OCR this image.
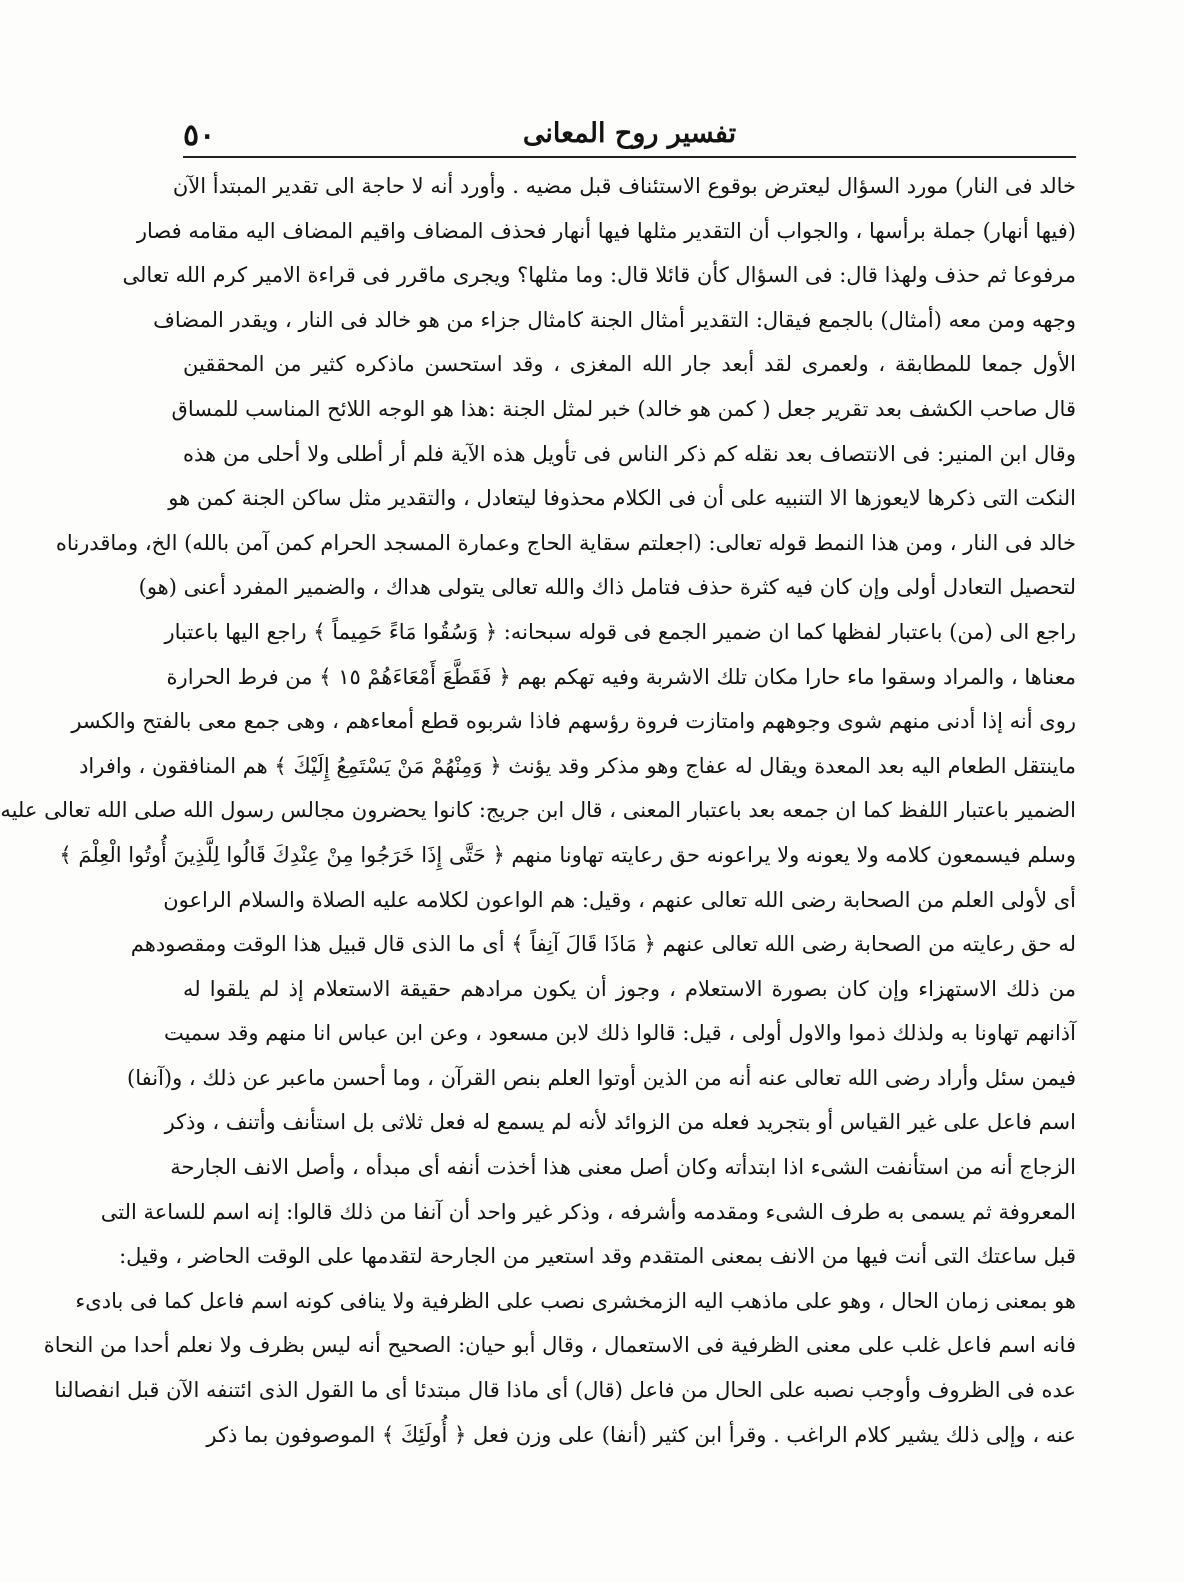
٥٠	تفسير روح المعانى
خالد فى النار) مورد السؤال ليعترض بوقوع الاستئناف قبل مضيه . وأورد أنه لا حاجة الى تقدير المبتدأ الآن
(فيها أنهار) جملة برأسها ، والجواب أن التقدير مثلها فيها أنهار فحذف المضاف واقيم المضاف اليه مقامه فصار
مرفوعا ثم حذف ولهذا قال: فى السؤال كأن قائلا قال: وما مثلها؟ ويجرى ماقرر فى قراءة الامير كرم الله تعالى
وجهه ومن معه (أمثال) بالجمع فيقال: التقدير أمثال الجنة كامثال جزاء من هو خالد فى النار ، ويقدر المضاف
الأول جمعا للمطابقة ، ولعمرى لقد أبعد جار الله المغزى ، وقد استحسن ماذكره كثير من المحققين
قال صاحب الكشف بعد تقرير جعل ( كمن هو خالد) خبر لمثل الجنة :هذا هو الوجه اللائح المناسب للمساق
وقال ابن المنير: فى الانتصاف بعد نقله كم ذكر الناس فى تأويل هذه الآية فلم أر أطلى ولا أحلى من هذه
النكت التى ذكرها لايعوزها الا التنبيه على أن فى الكلام محذوفا ليتعادل ، والتقدير مثل ساكن الجنة كمن هو
خالد فى النار ، ومن هذا النمط قوله تعالى: (اجعلتم سقاية الحاج وعمارة المسجد الحرام كمن آمن بالله) الخ، وماقدرناه
لتحصيل التعادل أولى وإن كان فيه كثرة حذف فتامل ذاك والله تعالى يتولى هداك ، والضمير المفرد أعنى (هو)
راجع الى (من) باعتبار لفظها كما ان ضمير الجمع فى قوله سبحانه: ﴿ وَسُقُوا مَاءً حَمِيماً ﴾ راجع اليها باعتبار
معناها ، والمراد وسقوا ماء حارا مكان تلك الاشربة وفيه تهكم بهم ﴿ فَقَطَّعَ أَمْعَاءَهُمْ ١٥ ﴾ من فرط الحرارة
روى أنه إذا أدنى منهم شوى وجوههم وامتازت فروة رؤسهم فاذا شربوه قطع أمعاءهم ، وهى جمع معى بالفتح والكسر
ماينتقل الطعام اليه بعد المعدة ويقال له عفاج وهو مذكر وقد يؤنث ﴿ وَمِنْهُمْ مَنْ يَسْتَمِعُ إِلَيْكَ ﴾ هم المنافقون ، وافراد
الضمير باعتبار اللفظ كما ان جمعه بعد باعتبار المعنى ، قال ابن جريج: كانوا يحضرون مجالس رسول الله صلى الله تعالى عليه
وسلم فيسمعون كلامه ولا يعونه ولا يراعونه حق رعايته تهاونا منهم ﴿ حَتَّى إِذَا خَرَجُوا مِنْ عِنْدِكَ قَالُوا لِلَّذِينَ أُوتُوا الْعِلْمَ ﴾
أى لأولى العلم من الصحابة رضى الله تعالى عنهم ، وقيل: هم الواعون لكلامه عليه الصلاة والسلام الراعون
له حق رعايته من الصحابة رضى الله تعالى عنهم ﴿ مَاذَا قَالَ آنِفاً ﴾ أى ما الذى قال قبيل هذا الوقت ومقصودهم
من ذلك الاستهزاء وإن كان بصورة الاستعلام ، وجوز أن يكون مرادهم حقيقة الاستعلام إذ لم يلقوا له
آذانهم تهاونا به ولذلك ذموا والاول أولى ، قيل: قالوا ذلك لابن مسعود ، وعن ابن عباس انا منهم وقد سميت
فيمن سئل وأراد رضى الله تعالى عنه أنه من الذين أوتوا العلم بنص القرآن ، وما أحسن ماعبر عن ذلك ، و(آنفا)
اسم فاعل على غير القياس أو بتجريد فعله من الزوائد لأنه لم يسمع له فعل ثلاثى بل استأنف وأتنف ، وذكر
الزجاج أنه من استأنفت الشىء اذا ابتدأته وكان أصل معنى هذا أخذت أنفه أى مبدأه ، وأصل الانف الجارحة
المعروفة ثم يسمى به طرف الشىء ومقدمه وأشرفه ، وذكر غير واحد أن آنفا من ذلك قالوا: إنه اسم للساعة التى
قبل ساعتك التى أنت فيها من الانف بمعنى المتقدم وقد استعير من الجارحة لتقدمها على الوقت الحاضر ، وقيل:
هو بمعنى زمان الحال ، وهو على ماذهب اليه الزمخشرى نصب على الظرفية ولا ينافى كونه اسم فاعل كما فى بادىء
فانه اسم فاعل غلب على معنى الظرفية فى الاستعمال ، وقال أبو حيان: الصحيح أنه ليس بظرف ولا نعلم أحدا من النحاة
عده فى الظروف وأوجب نصبه على الحال من فاعل (قال) أى ماذا قال مبتدئا أى ما القول الذى ائتنفه الآن قبل انفصالنا
عنه ، وإلى ذلك يشير كلام الراغب . وقرأ ابن كثير (أنفا) على وزن فعل ﴿ أُولَئِكَ ﴾ الموصوفون بما ذكر
